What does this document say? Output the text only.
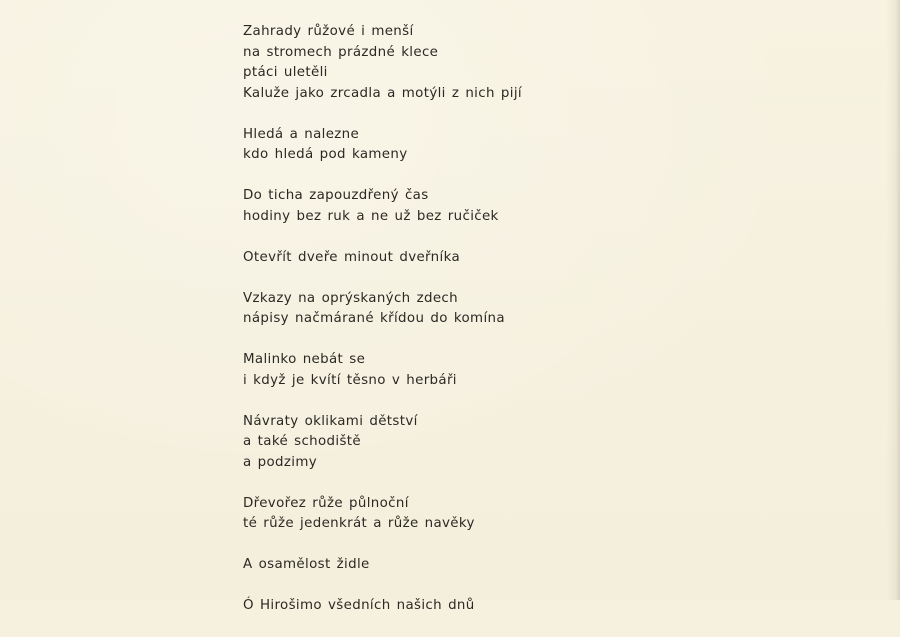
Zahrady růžové i menší
na stromech prázdné klece
ptáci uletěli
Kaluže jako zrcadla a motýli z nich pijí
Hledá a nalezne
kdo hledá pod kameny
Do ticha zapouzdřený čas
hodiny bez ruk a ne už bez ručiček
Otevřít dveře minout dveřníka
Vzkazy na oprýskaných zdech
nápisy načmárané křídou do komína
Malinko nebát se
i když je kvítí těsno v herbáři
Návraty oklikami dětství
a také schodiště
a podzimy
Dřevořez růže půlnoční
té růže jedenkrát a růže navěky
A osamělost židle
Ó Hirošimo všedních našich dnů
